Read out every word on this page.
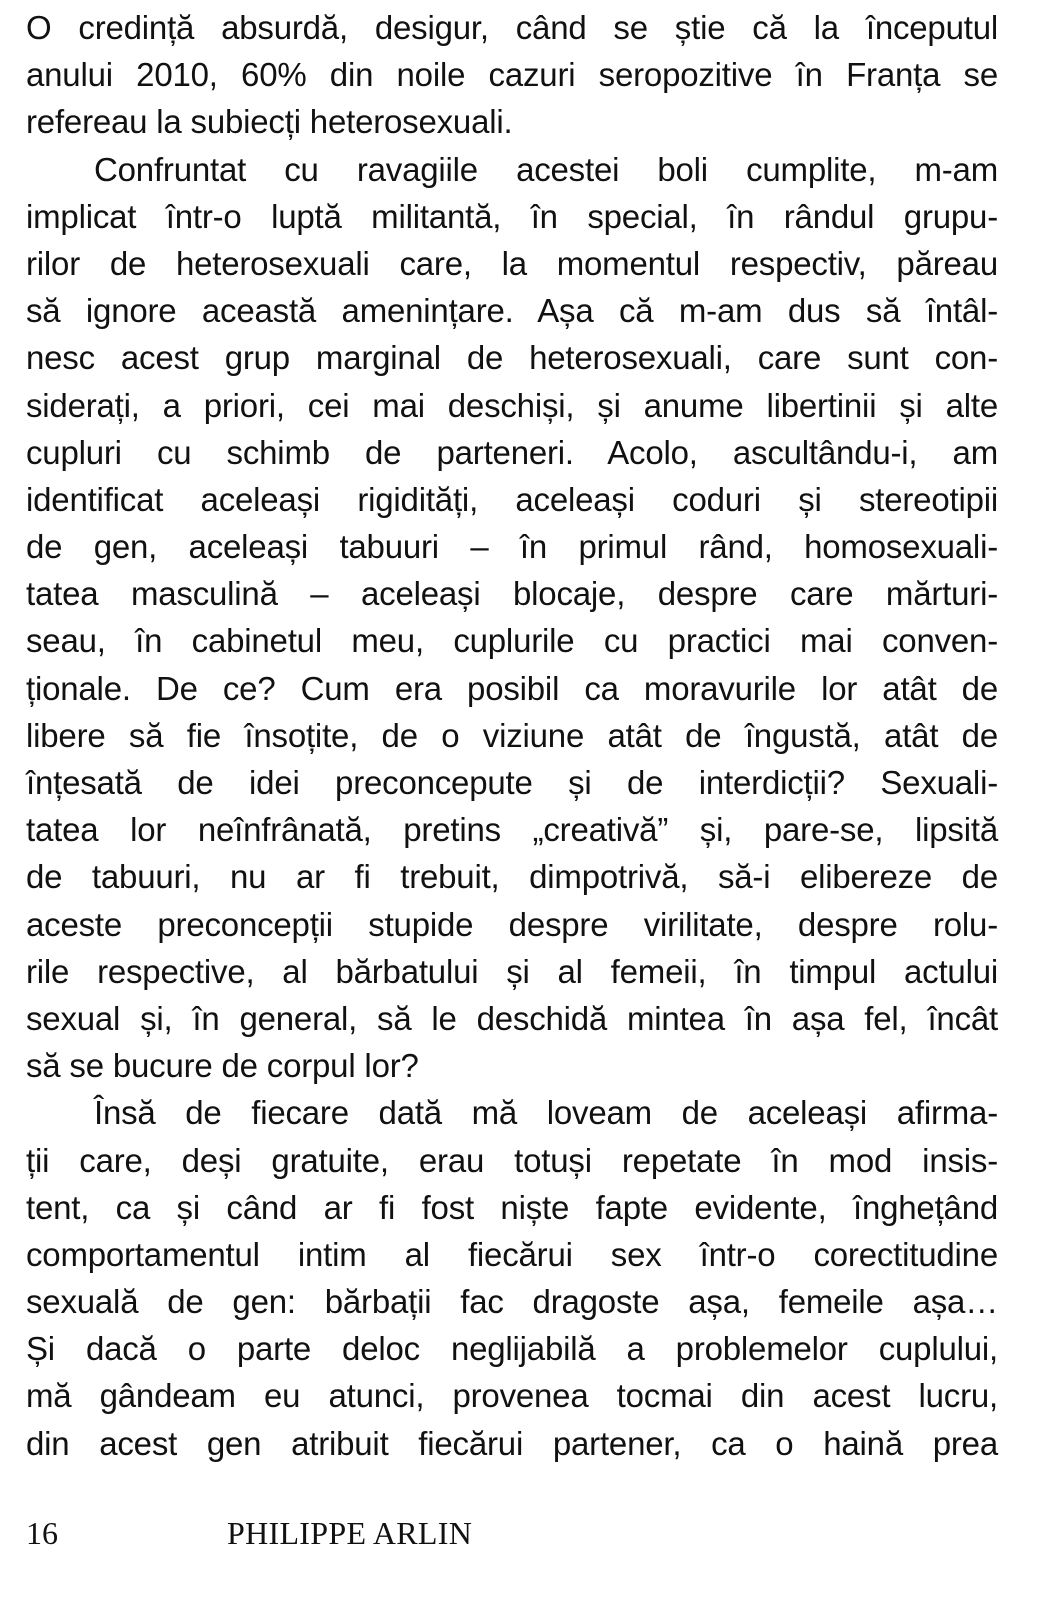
O credință absurdă, desigur, când se știe că la începutul
anului 2010, 60% din noile cazuri seropozitive în Franța se
refereau la subiecți heterosexuali.
Confruntat cu ravagiile acestei boli cumplite, m-am
implicat într-o luptă militantă, în special, în rândul grupu-
rilor de heterosexuali care, la momentul respectiv, păreau
să ignore această amenințare. Așa că m-am dus să întâl-
nesc acest grup marginal de heterosexuali, care sunt con-
siderați, a priori, cei mai deschiși, și anume libertinii și alte
cupluri cu schimb de parteneri. Acolo, ascultându-i, am
identificat aceleași rigidități, aceleași coduri și stereotipii
de gen, aceleași tabuuri – în primul rând, homosexuali-
tatea masculină – aceleași blocaje, despre care mărturi-
seau, în cabinetul meu, cuplurile cu practici mai conven-
ționale. De ce? Cum era posibil ca moravurile lor atât de
libere să fie însoțite, de o viziune atât de îngustă, atât de
înțesată de idei preconcepute și de interdicții? Sexuali-
tatea lor neînfrânată, pretins „creativă” și, pare-se, lipsită
de tabuuri, nu ar fi trebuit, dimpotrivă, să-i elibereze de
aceste preconcepții stupide despre virilitate, despre rolu-
rile respective, al bărbatului și al femeii, în timpul actului
sexual și, în general, să le deschidă mintea în așa fel, încât
să se bucure de corpul lor?
Însă de fiecare dată mă loveam de aceleași afirma-
ții care, deși gratuite, erau totuși repetate în mod insis-
tent, ca și când ar fi fost niște fapte evidente, înghețând
comportamentul intim al fiecărui sex într-o corectitudine
sexuală de gen: bărbații fac dragoste așa, femeile așa…
Și dacă o parte deloc neglijabilă a problemelor cuplului,
mă gândeam eu atunci, provenea tocmai din acest lucru,
din acest gen atribuit fiecărui partener, ca o haină prea
16	PHILIPPE ARLIN
